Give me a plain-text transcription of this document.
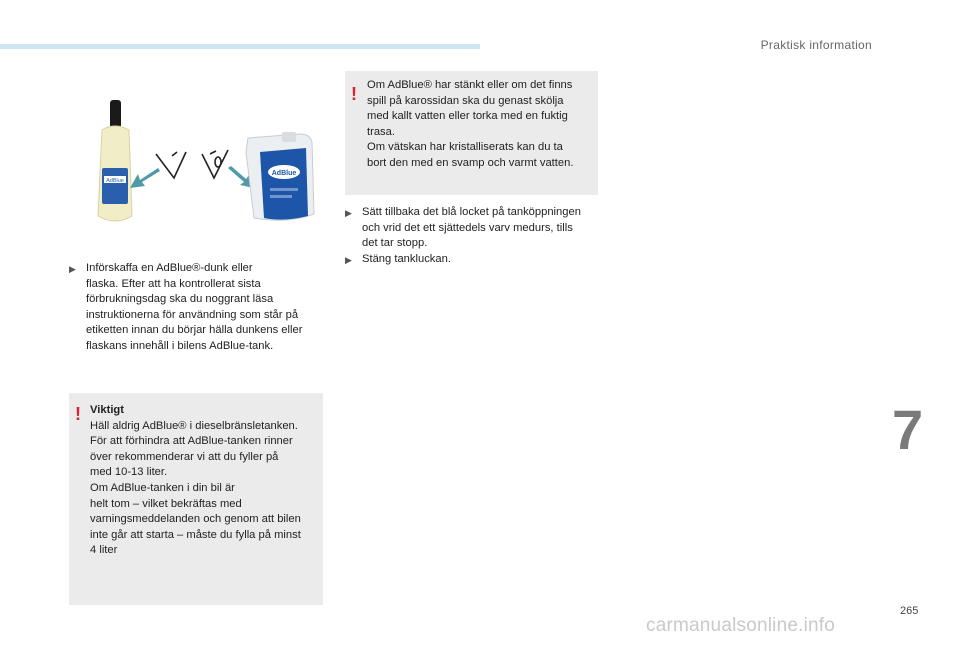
Praktisk information
AdBlue
AdBlue
▶ Införskaffa en AdBlue®-dunk eller
flaska. Efter att ha kontrollerat sista
förbrukningsdag ska du noggrant läsa
instruktionerna för användning som står på
etiketten innan du börjar hälla dunkens eller
flaskans innehåll i bilens AdBlue-tank.
! Viktigt
Häll aldrig AdBlue® i dieselbränsletanken.
För att förhindra att AdBlue-tanken rinner
över rekommenderar vi att du fyller på
med 10-13 liter.
Om AdBlue-tanken i din bil är
helt tom – vilket bekräftas med
varningsmeddelanden och genom att bilen
inte går att starta – måste du fylla på minst
4 liter
! Om AdBlue® har stänkt eller om det finns
spill på karossidan ska du genast skölja
med kallt vatten eller torka med en fuktig
trasa.
Om vätskan har kristalliserats kan du ta
bort den med en svamp och varmt vatten.
▶ Sätt tillbaka det blå locket på tanköppningen
och vrid det ett sjättedels varv medurs, tills
det tar stopp.
▶ Stäng tankluckan.
7
265
carmanualsonline.info
